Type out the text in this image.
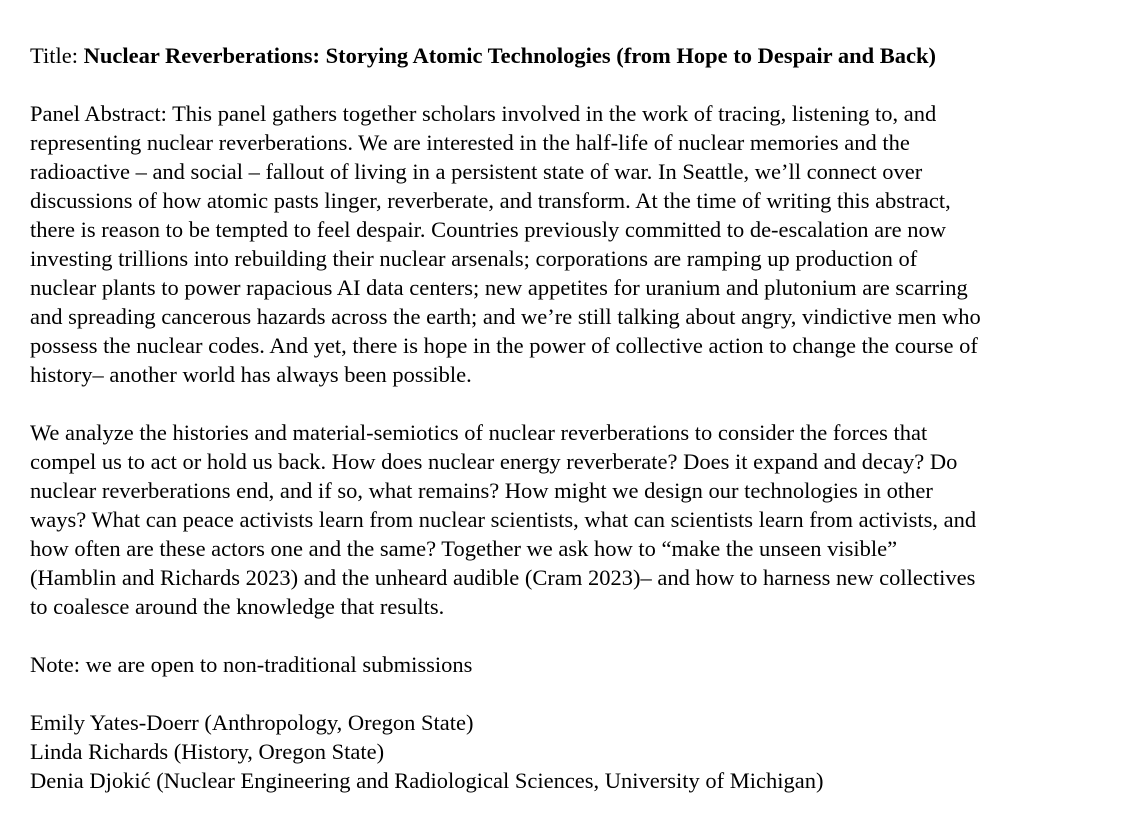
Title: Nuclear Reverberations: Storying Atomic Technologies (from Hope to Despair and Back)
Panel Abstract: This panel gathers together scholars involved in the work of tracing, listening to, and
representing nuclear reverberations. We are interested in the half-life of nuclear memories and the
radioactive – and social – fallout of living in a persistent state of war. In Seattle, we’ll connect over
discussions of how atomic pasts linger, reverberate, and transform. At the time of writing this abstract,
there is reason to be tempted to feel despair. Countries previously committed to de-escalation are now
investing trillions into rebuilding their nuclear arsenals; corporations are ramping up production of
nuclear plants to power rapacious AI data centers; new appetites for uranium and plutonium are scarring
and spreading cancerous hazards across the earth; and we’re still talking about angry, vindictive men who
possess the nuclear codes. And yet, there is hope in the power of collective action to change the course of
history– another world has always been possible.
We analyze the histories and material-semiotics of nuclear reverberations to consider the forces that
compel us to act or hold us back. How does nuclear energy reverberate? Does it expand and decay? Do
nuclear reverberations end, and if so, what remains? How might we design our technologies in other
ways? What can peace activists learn from nuclear scientists, what can scientists learn from activists, and
how often are these actors one and the same? Together we ask how to “make the unseen visible”
(Hamblin and Richards 2023) and the unheard audible (Cram 2023)– and how to harness new collectives
to coalesce around the knowledge that results.
Note: we are open to non-traditional submissions
Emily Yates-Doerr (Anthropology, Oregon State)
Linda Richards (History, Oregon State)
Denia Djokić (Nuclear Engineering and Radiological Sciences, University of Michigan)
